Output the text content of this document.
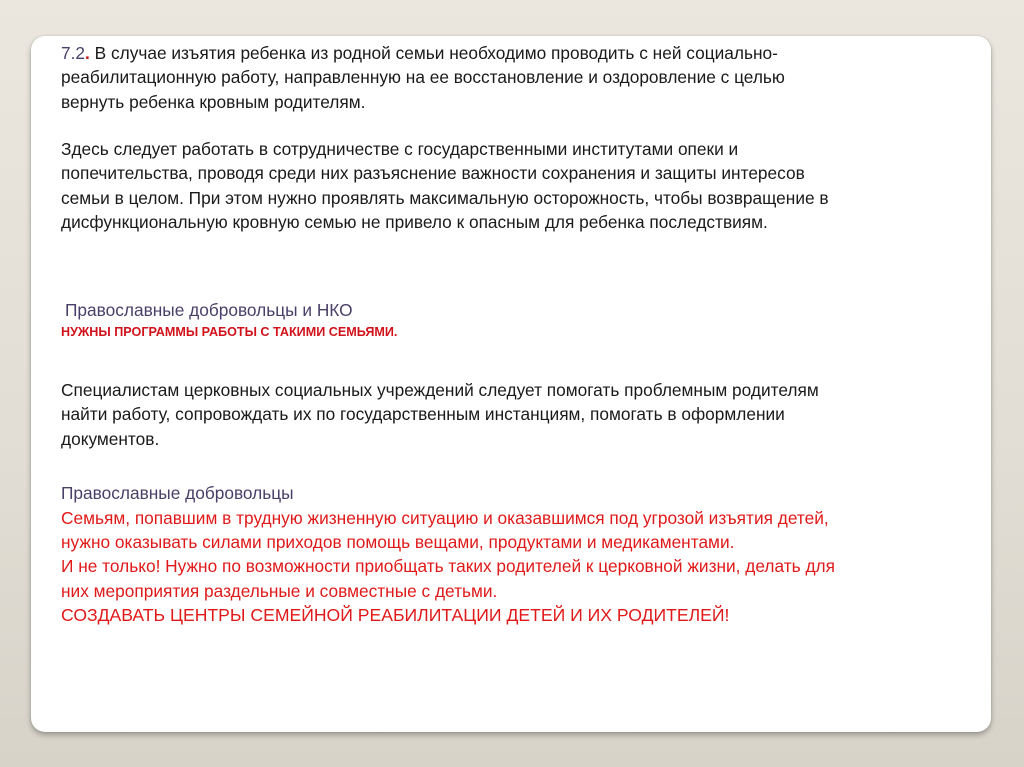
7.2. В случае изъятия ребенка из родной семьи необходимо проводить с ней социально-реабилитационную работу, направленную на ее восстановление и оздоровление с целью вернуть ребенка кровным родителям.

Здесь следует работать в сотрудничестве с государственными институтами опеки и попечительства, проводя среди них разъяснение важности сохранения и защиты интересов семьи в целом. При этом нужно проявлять максимальную осторожность, чтобы возвращение в дисфункциональную кровную семью не привело к опасным для ребенка последствиям.

Православные добровольцы и НКО
НУЖНЫ ПРОГРАММЫ РАБОТЫ С ТАКИМИ СЕМЬЯМИ.

Специалистам церковных социальных учреждений следует помогать проблемным родителям найти работу, сопровождать их по государственным инстанциям, помогать в оформлении документов.

Православные добровольцы

Семьям, попавшим в трудную жизненную ситуацию и оказавшимся под угрозой изъятия детей, нужно оказывать силами приходов помощь вещами, продуктами и медикаментами.

И не только! Нужно по возможности приобщать таких родителей к церковной жизни, делать для них мероприятия раздельные и совместные с детьми.

СОЗДАВАТЬ ЦЕНТРЫ СЕМЕЙНОЙ РЕАБИЛИТАЦИИ ДЕТЕЙ И ИХ РОДИТЕЛЕЙ!
